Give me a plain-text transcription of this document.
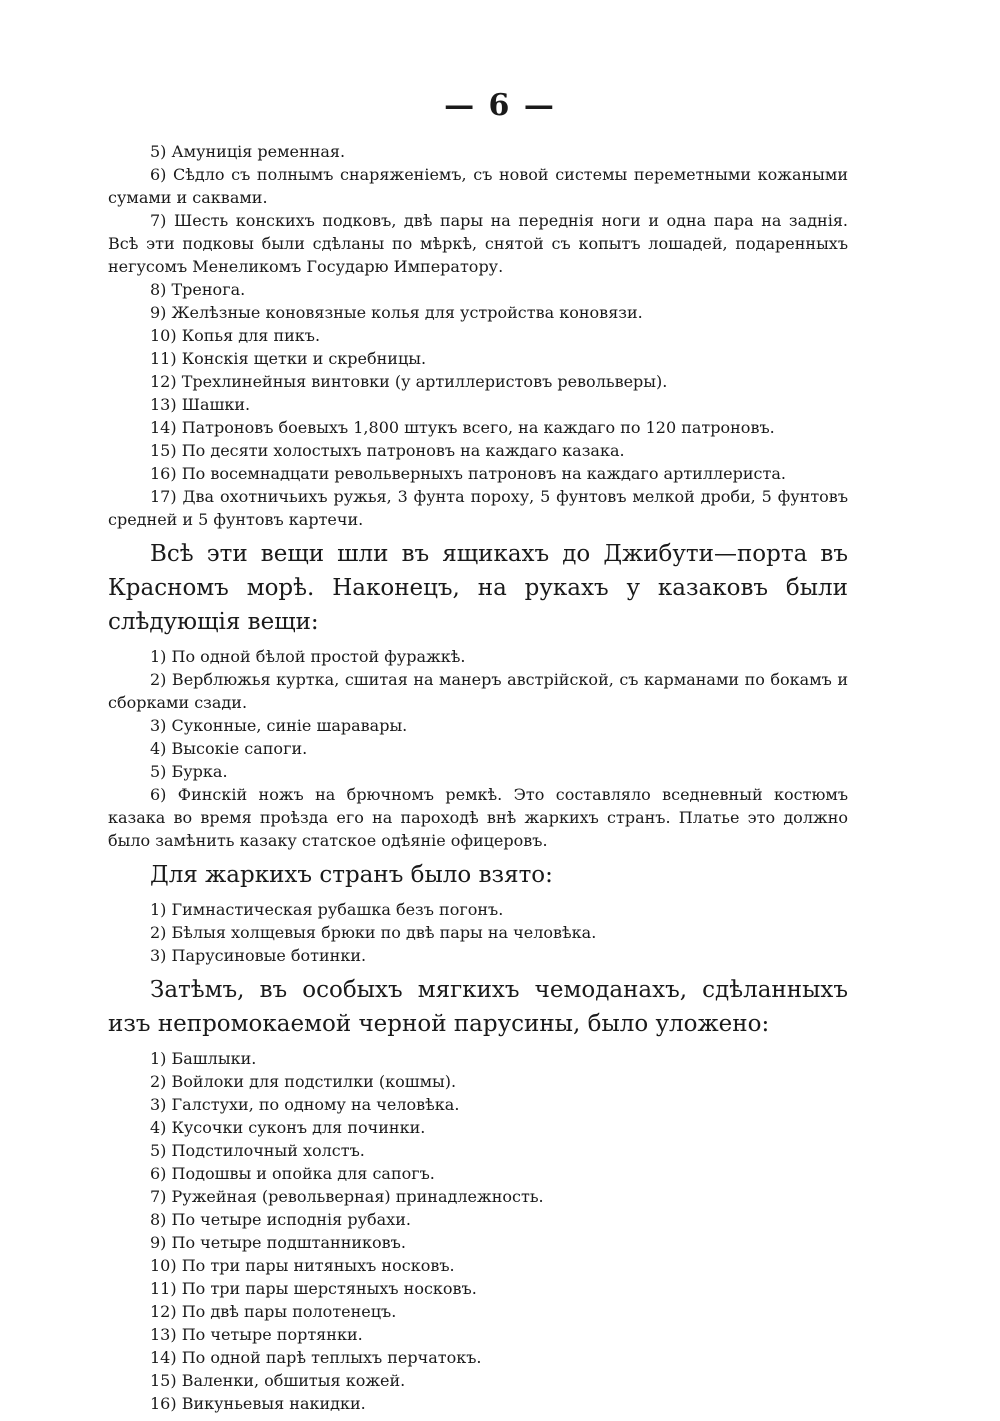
— 6 —

5) Амуниція ременная.

6) Сѣдло съ полнымъ снаряженіемъ, съ новой системы переметными кожаными сумами и саквами.

7) Шесть конскихъ подковъ, двѣ пары на переднія ноги и одна пара на заднія. Всѣ эти подковы были сдѣланы по мѣркѣ, снятой съ копытъ лошадей, подаренныхъ негусомъ Менеликомъ Государю Императору.

8) Тренога.

9) Желѣзные коновязные колья для устройства коновязи.

10) Копья для пикъ.

11) Конскія щетки и скребницы.

12) Трехлинейныя винтовки (у артиллеристовъ револьверы).

13) Шашки.

14) Патроновъ боевыхъ 1,800 штукъ всего, на каждаго по 120 патроновъ.

15) По десяти холостыхъ патроновъ на каждаго казака.

16) По восемнадцати револьверныхъ патроновъ на каждаго артиллериста.

17) Два охотничьихъ ружья, 3 фунта пороху, 5 фунтовъ мелкой дроби, 5 фунтовъ средней и 5 фунтовъ картечи.

Всѣ эти вещи шли въ ящикахъ до Джибути—порта въ Красномъ морѣ. Наконецъ, на рукахъ у казаковъ были слѣдующія вещи:

1) По одной бѣлой простой фуражкѣ.

2) Верблюжья куртка, сшитая на манеръ австрійской, съ карманами по бокамъ и сборками сзади.

3) Суконные, синіе шаравары.

4) Высокіе сапоги.

5) Бурка.

6) Финскій ножъ на брючномъ ремкѣ. Это составляло вседневный костюмъ казака во время проѣзда его на пароходѣ внѣ жаркихъ странъ. Платье это должно было замѣнить казаку статское одѣяніе офицеровъ.

Для жаркихъ странъ было взято:

1) Гимнастическая рубашка безъ погонъ.

2) Бѣлыя холщевыя брюки по двѣ пары на человѣка.

3) Парусиновые ботинки.

Затѣмъ, въ особыхъ мягкихъ чемоданахъ, сдѣланныхъ изъ непромокаемой черной парусины, было уложено:

1) Башлыки.

2) Войлоки для подстилки (кошмы).

3) Галстухи, по одному на человѣка.

4) Кусочки суконъ для починки.

5) Подстилочный холстъ.

6) Подошвы и опойка для сапогъ.

7) Ружейная (револьверная) принадлежность.

8) По четыре исподнія рубахи.

9) По четыре подштанниковъ.

10) По три пары нитяныхъ носковъ.

11) По три пары шерстяныхъ носковъ.

12) По двѣ пары полотенецъ.

13) По четыре портянки.

14) По одной парѣ теплыхъ перчатокъ.

15) Валенки, обшитыя кожей.

16) Викуньевыя накидки.
